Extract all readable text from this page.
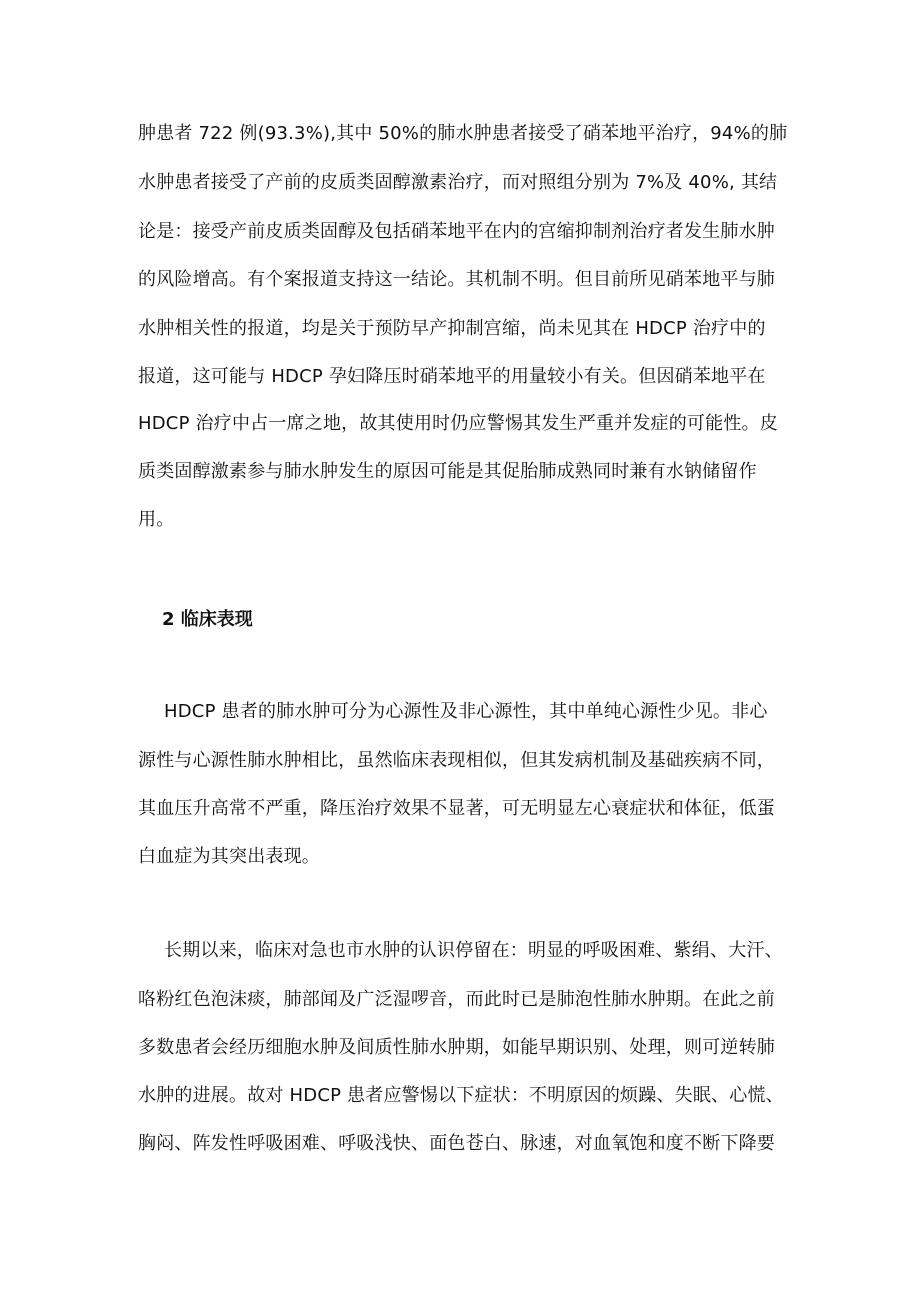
肿患者 722 例(93.3%),其中 50%的肺水肿患者接受了硝苯地平治疗，94%的肺
水肿患者接受了产前的皮质类固醇激素治疗，而对照组分别为 7%及 40%, 其结
论是：接受产前皮质类固醇及包括硝苯地平在内的宫缩抑制剂治疗者发生肺水肿
的风险增高。有个案报道支持这一结论。其机制不明。但目前所见硝苯地平与肺
水肿相关性的报道，均是关于预防早产抑制宫缩，尚未见其在 HDCP 治疗中的
报道，这可能与 HDCP 孕妇降压时硝苯地平的用量较小有关。但因硝苯地平在
HDCP 治疗中占一席之地，故其使用时仍应警惕其发生严重并发症的可能性。皮
质类固醇激素参与肺水肿发生的原因可能是其促胎肺成熟同时兼有水钠储留作
用。
2 临床表现
HDCP 患者的肺水肿可分为心源性及非心源性，其中单纯心源性少见。非心
源性与心源性肺水肿相比，虽然临床表现相似，但其发病机制及基础疾病不同，
其血压升高常不严重，降压治疗效果不显著，可无明显左心衰症状和体征，低蛋
白血症为其突出表现。
长期以来，临床对急也市水肿的认识停留在：明显的呼吸困难、紫绢、大汗、
咯粉红色泡沫痰，肺部闻及广泛湿啰音，而此时已是肺泡性肺水肿期。在此之前
多数患者会经历细胞水肿及间质性肺水肿期，如能早期识别、处理，则可逆转肺
水肿的进展。故对 HDCP 患者应警惕以下症状：不明原因的烦躁、失眠、心慌、
胸闷、阵发性呼吸困难、呼吸浅快、面色苍白、脉速，对血氧饱和度不断下降要
